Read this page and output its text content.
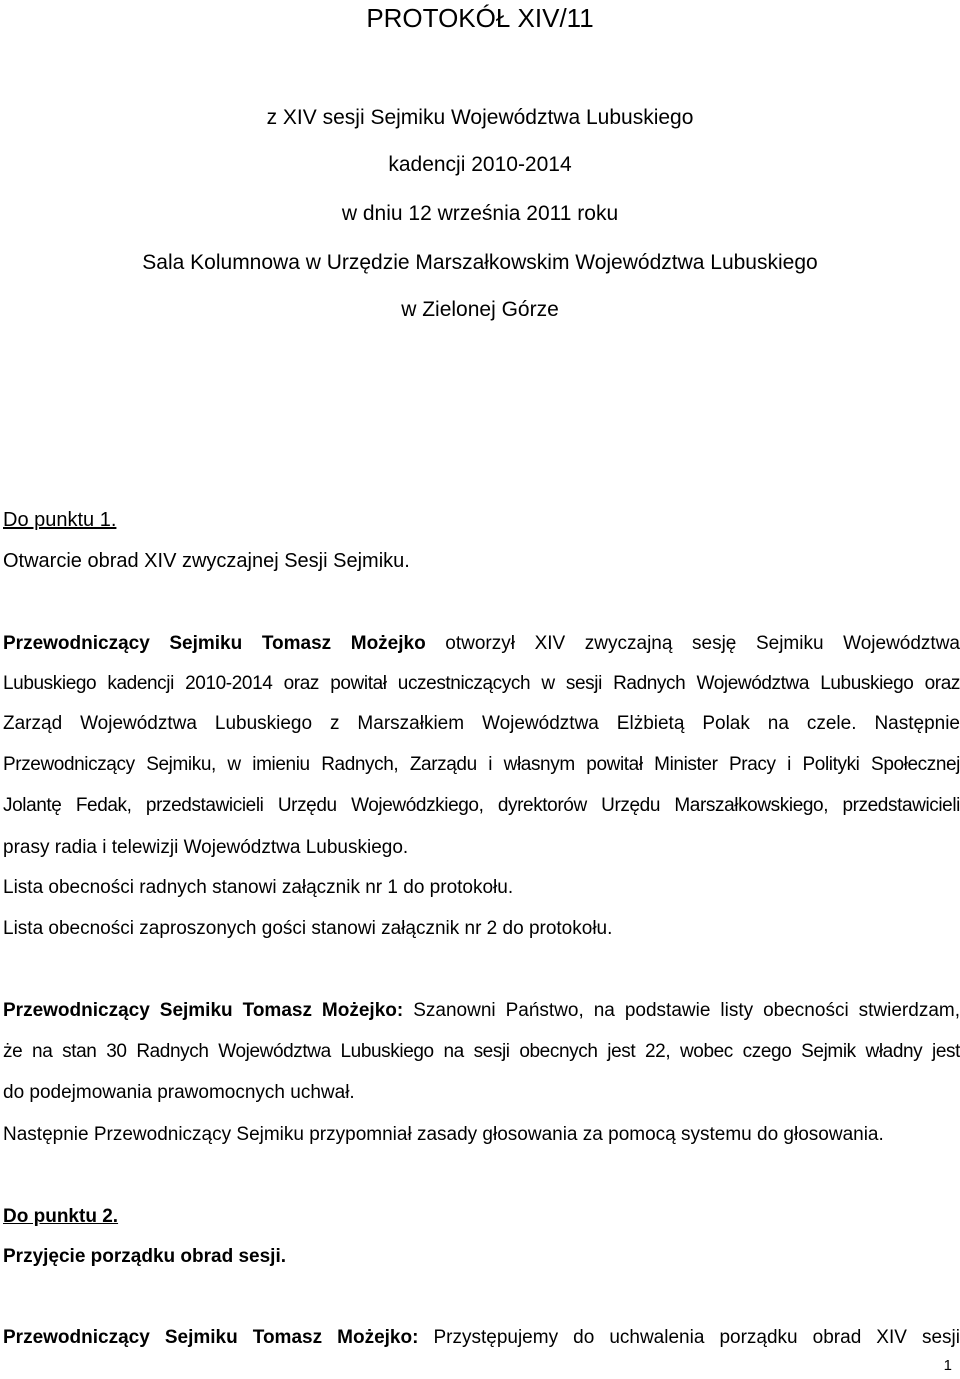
PROTOKÓŁ XIV/11
z XIV sesji Sejmiku Województwa Lubuskiego
kadencji 2010-2014
w dniu 12 września 2011 roku
Sala Kolumnowa w Urzędzie Marszałkowskim Województwa Lubuskiego
w Zielonej Górze
Do punktu 1.
Otwarcie obrad XIV zwyczajnej Sesji Sejmiku.
Przewodniczący Sejmiku Tomasz Możejko otworzył XIV zwyczajną sesję Sejmiku Województwa
Lubuskiego kadencji 2010-2014 oraz powitał uczestniczących w sesji Radnych Województwa Lubuskiego oraz
Zarząd Województwa Lubuskiego z Marszałkiem Województwa Elżbietą Polak na czele. Następnie
Przewodniczący Sejmiku, w imieniu Radnych, Zarządu i własnym powitał Minister Pracy i Polityki Społecznej
Jolantę Fedak, przedstawicieli Urzędu Wojewódzkiego, dyrektorów Urzędu Marszałkowskiego, przedstawicieli
prasy radia i telewizji Województwa Lubuskiego.
Lista obecności radnych stanowi załącznik nr 1 do protokołu.
Lista obecności zaproszonych gości stanowi załącznik nr 2 do protokołu.
Przewodniczący Sejmiku Tomasz Możejko: Szanowni Państwo, na podstawie listy obecności stwierdzam,
że na stan 30 Radnych Województwa Lubuskiego na sesji obecnych jest 22, wobec czego Sejmik władny jest
do podejmowania prawomocnych uchwał.
Następnie Przewodniczący Sejmiku przypomniał zasady głosowania za pomocą systemu do głosowania.
Do punktu 2.
Przyjęcie porządku obrad sesji.
Przewodniczący Sejmiku Tomasz Możejko: Przystępujemy do uchwalenia porządku obrad XIV sesji
1
